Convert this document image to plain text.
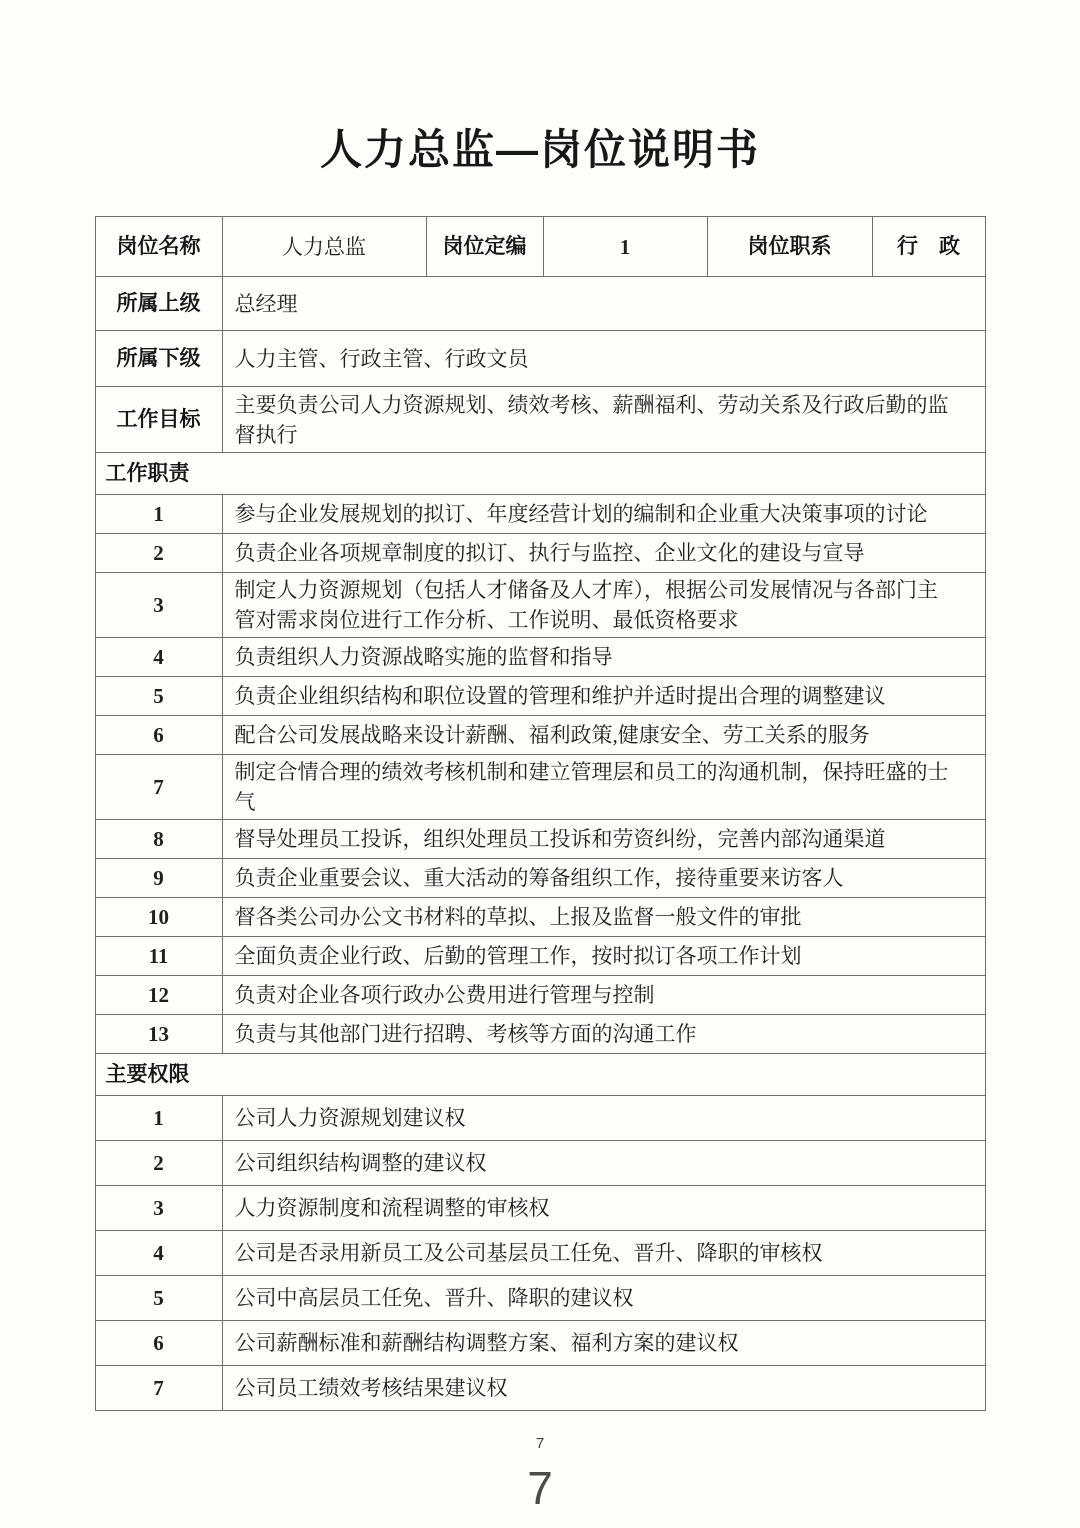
人力总监—岗位说明书
岗位名称	人力总监	岗位定编	1	岗位职系	行　政
所属上级	总经理				
所属下级	人力主管、行政主管、行政文员				
工作目标	主要负责公司人力资源规划、绩效考核、薪酬福利、劳动关系及行政后勤的监督执行				
工作职责					
1	参与企业发展规划的拟订、年度经营计划的编制和企业重大决策事项的讨论				
2	负责企业各项规章制度的拟订、执行与监控、企业文化的建设与宣导				
3	制定人力资源规划（包括人才储备及人才库），根据公司发展情况与各部门主管对需求岗位进行工作分析、工作说明、最低资格要求				
4	负责组织人力资源战略实施的监督和指导				
5	负责企业组织结构和职位设置的管理和维护并适时提出合理的调整建议				
6	配合公司发展战略来设计薪酬、福利政策,健康安全、劳工关系的服务				
7	制定合情合理的绩效考核机制和建立管理层和员工的沟通机制，保持旺盛的士气				
8	督导处理员工投诉，组织处理员工投诉和劳资纠纷，完善内部沟通渠道				
9	负责企业重要会议、重大活动的筹备组织工作，接待重要来访客人				
10	督各类公司办公文书材料的草拟、上报及监督一般文件的审批				
11	全面负责企业行政、后勤的管理工作，按时拟订各项工作计划				
12	负责对企业各项行政办公费用进行管理与控制				
13	负责与其他部门进行招聘、考核等方面的沟通工作				
主要权限					
1	公司人力资源规划建议权				
2	公司组织结构调整的建议权				
3	人力资源制度和流程调整的审核权				
4	公司是否录用新员工及公司基层员工任免、晋升、降职的审核权				
5	公司中高层员工任免、晋升、降职的建议权				
6	公司薪酬标准和薪酬结构调整方案、福利方案的建议权				
7	公司员工绩效考核结果建议权				
7
7
